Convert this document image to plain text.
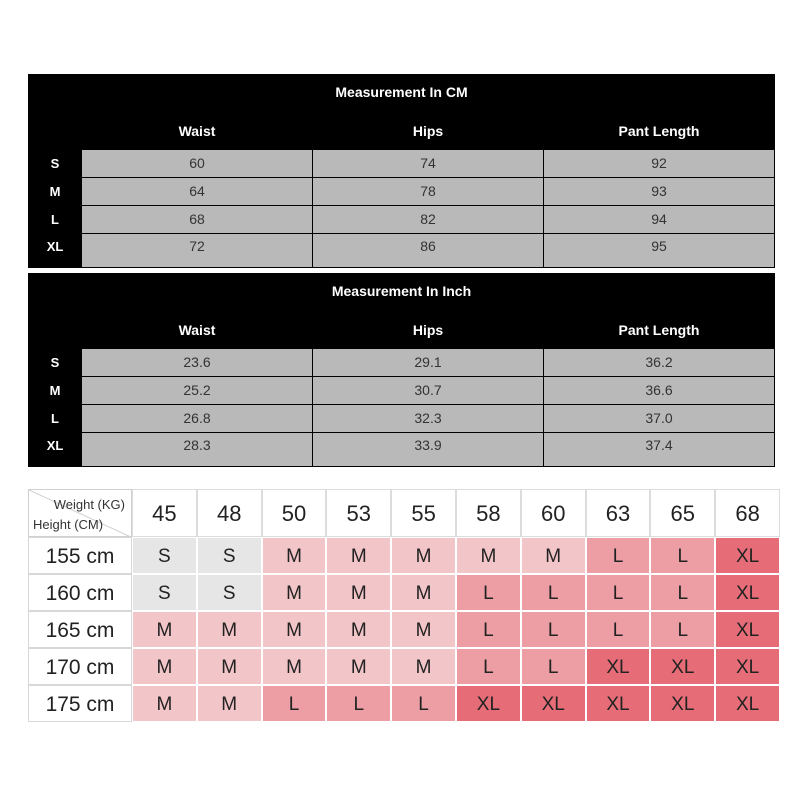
Measurement In CM
Waist	Hips	Pant Length
S	60	74	92
M	64	78	93
L	68	82	94
XL	72	86	95
Measurement In Inch
Waist	Hips	Pant Length
S	23.6	29.1	36.2
M	25.2	30.7	36.6
L	26.8	32.3	37.0
XL	28.3	33.9	37.4
Weight (KG)
Height (CM)	45	48	50	53	55	58	60	63	65	68
155 cm	S	S	M	M	M	M	M	L	L	XL
160 cm	S	S	M	M	M	L	L	L	L	XL
165 cm	M	M	M	M	M	L	L	L	L	XL
170 cm	M	M	M	M	M	L	L	XL	XL	XL
175 cm	M	M	L	L	L	XL	XL	XL	XL	XL
